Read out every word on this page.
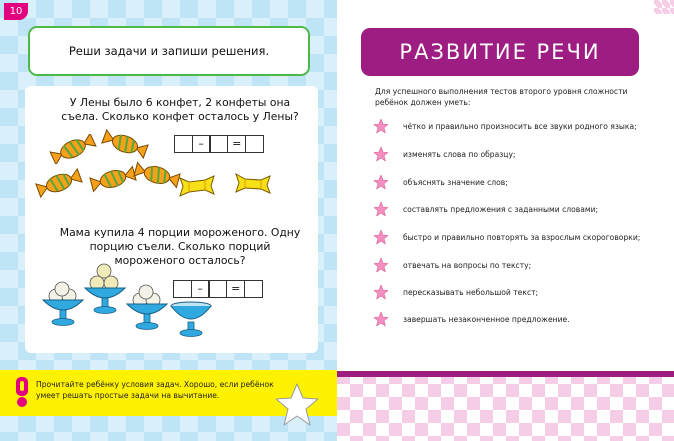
10
Реши задачи и запиши решения.
У Лены было 6 конфет, 2 конфеты она съела. Сколько конфет осталось у Лены?
–	=
Мама купила 4 порции мороженого. Одну порцию съели. Сколько порций мороженого осталось?
–	=
Прочитайте ребёнку условия задач. Хорошо, если ребёнок умеет решать простые задачи на вычитание.
РАЗВИТИЕ РЕЧИ
Для успешного выполнения тестов второго уровня сложности ребёнок должен уметь:
чётко и правильно произносить все звуки родного языка;
изменять слова по образцу;
объяснять значение слов;
составлять предложения с заданными словами;
быстро и правильно повторять за взрослым скороговорки;
отвечать на вопросы по тексту;
пересказывать небольшой текст;
завершать незаконченное предложение.
